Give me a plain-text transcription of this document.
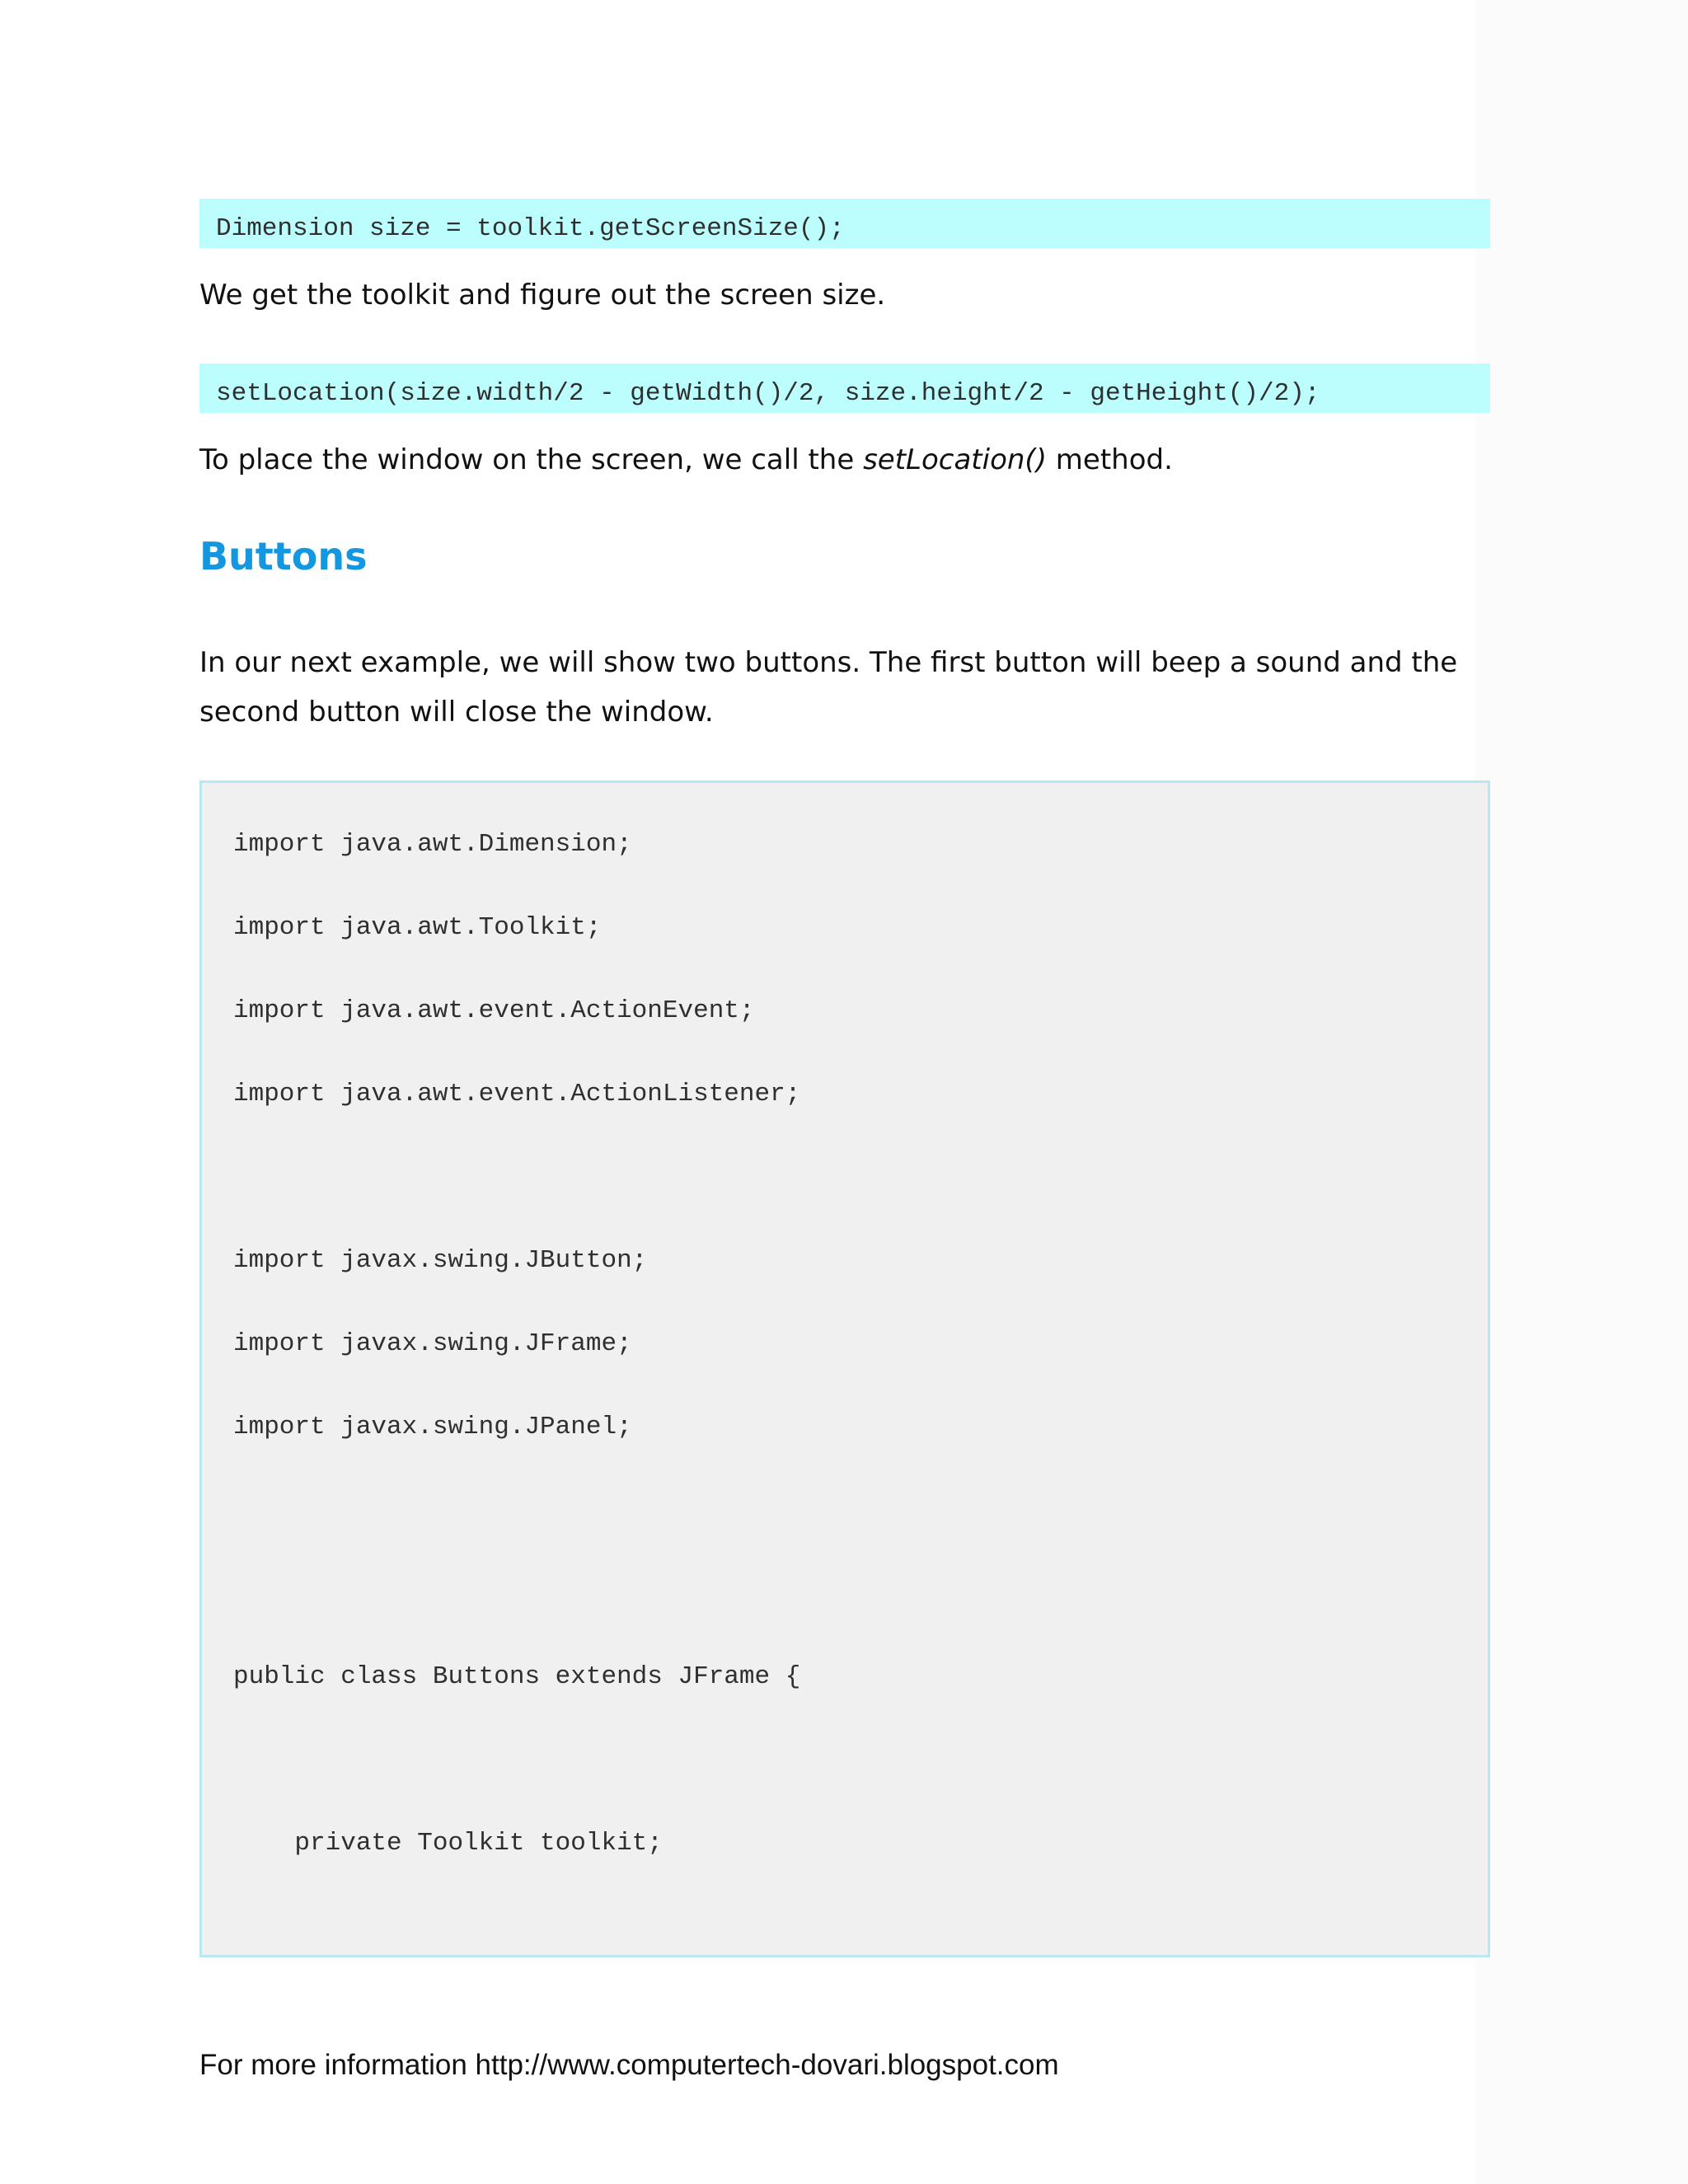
Dimension size = toolkit.getScreenSize();
We get the toolkit and figure out the screen size.
setLocation(size.width/2 - getWidth()/2, size.height/2 - getHeight()/2);
To place the window on the screen, we call the setLocation() method.
Buttons
In our next example, we will show two buttons. The first button will beep a sound and the second button will close the window.
import java.awt.Dimension;
import java.awt.Toolkit;
import java.awt.event.ActionEvent;
import java.awt.event.ActionListener;
import javax.swing.JButton;
import javax.swing.JFrame;
import javax.swing.JPanel;
public class Buttons extends JFrame {
private Toolkit toolkit;
For more information http://www.computertech-dovari.blogspot.com
